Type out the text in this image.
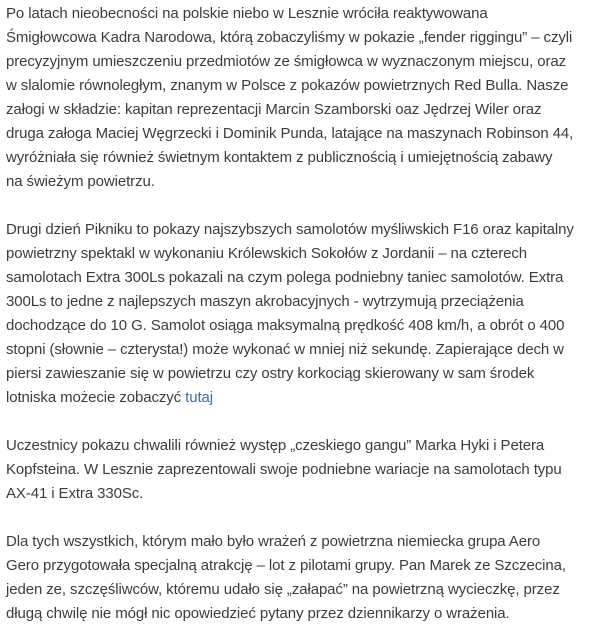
Po latach nieobecności na polskie niebo w Lesznie wróciła reaktywowana
Śmigłowcowa Kadra Narodowa, którą zobaczyliśmy w pokazie „fender riggingu” – czyli
precyzyjnym umieszczeniu przedmiotów ze śmigłowca w wyznaczonym miejscu, oraz
w slalomie równoległym, znanym w Polsce z pokazów powietrznych Red Bulla. Nasze
załogi w składzie: kapitan reprezentacji Marcin Szamborski oaz Jędrzej Wiler oraz
druga załoga Maciej Węgrzecki i Dominik Punda, latające na maszynach Robinson 44,
wyróżniała się również świetnym kontaktem z publicznością i umiejętnością zabawy
na świeżym powietrzu.

Drugi dzień Pikniku to pokazy najszybszych samolotów myśliwskich F16 oraz kapitalny
powietrzny spektakl w wykonaniu Królewskich Sokołów z Jordanii – na czterech
samolotach Extra 300Ls pokazali na czym polega podniebny taniec samolotów. Extra
300Ls to jedne z najlepszych maszyn akrobacyjnych - wytrzymują przeciążenia
dochodzące do 10 G. Samolot osiąga maksymalną prędkość 408 km/h, a obrót o 400
stopni (słownie – czterysta!) może wykonać w mniej niż sekundę. Zapierające dech w
piersi zawieszanie się w powietrzu czy ostry korkociąg skierowany w sam środek
lotniska możecie zobaczyć tutaj

Uczestnicy pokazu chwalili również występ „czeskiego gangu” Marka Hyki i Petera
Kopfsteina. W Lesznie zaprezentowali swoje podniebne wariacje na samolotach typu
AX-41 i Extra 330Sc.

Dla tych wszystkich, którym mało było wrażeń z powietrzna niemiecka grupa Aero
Gero przygotowała specjalną atrakcję – lot z pilotami grupy. Pan Marek ze Szczecina,
jeden ze, szczęśliwców, któremu udało się „załapać” na powietrzną wycieczkę, przez
długą chwilę nie mógł nic opowiedzieć pytany przez dziennikarzy o wrażenia.
